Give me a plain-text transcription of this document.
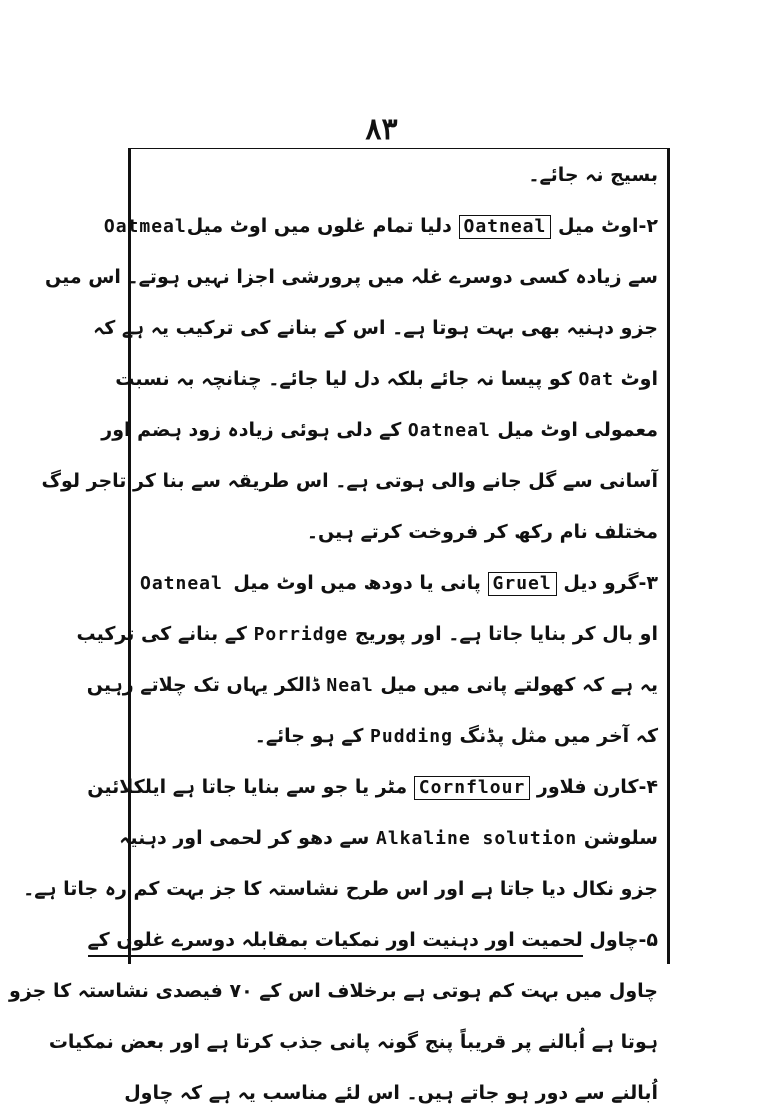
۸۳
بسیج نہ جائے۔
۲-اوٹ میل Oatneal دلیا تمام غلوں میں اوٹ میل
Oatmeal
سے زیادہ کسی دوسرے غلہ میں پرورشی اجزا نہیں ہوتے۔ اس میں
جزو دہنیہ بھی بہت ہوتا ہے۔ اس کے بنانے کی ترکیب یہ ہے کہ
اوٹ Oat کو پیسا نہ جائے بلکہ دل لیا جائے۔ چنانچہ بہ نسبت
معمولی اوٹ میل Oatneal کے دلی ہوئی زیادہ زود ہضم اور
آسانی سے گل جانے والی ہوتی ہے۔ اس طریقہ سے بنا کر تاجر لوگ
مختلف نام رکھ کر فروخت کرتے ہیں۔
۳-گرو دیل Gruel پانی یا دودھ میں اوٹ میل
Oatneal
او بال کر بنایا جاتا ہے۔ اور پوریج Porridge کے بنانے کی ترکیب
یہ ہے کہ کھولتے پانی میں میل Neal ڈالکر یہاں تک چلاتے رہیں
کہ آخر میں مثل پڈنگ Pudding کے ہو جائے۔
۴-کارن فلاور Cornflour مٹر یا جو سے بنایا جاتا ہے ایلکلائین
سلوشن Alkaline solution سے دھو کر لحمی اور دہنیہ
جزو نکال دیا جاتا ہے اور اس طرح نشاستہ کا جز بہت کم رہ جاتا ہے۔
۵-چاول لحمیت اور دہنیت اور نمکیات بمقابلہ دوسرے غلوں کے
چاول میں بہت کم ہوتی ہے برخلاف اس کے ۷۰ فیصدی نشاستہ کا جزو
ہوتا ہے اُبالنے پر قریباً پنج گونہ پانی جذب کرتا ہے اور بعض نمکیات
اُبالنے سے دور ہو جاتے ہیں۔ اس لئے مناسب یہ ہے کہ چاول
